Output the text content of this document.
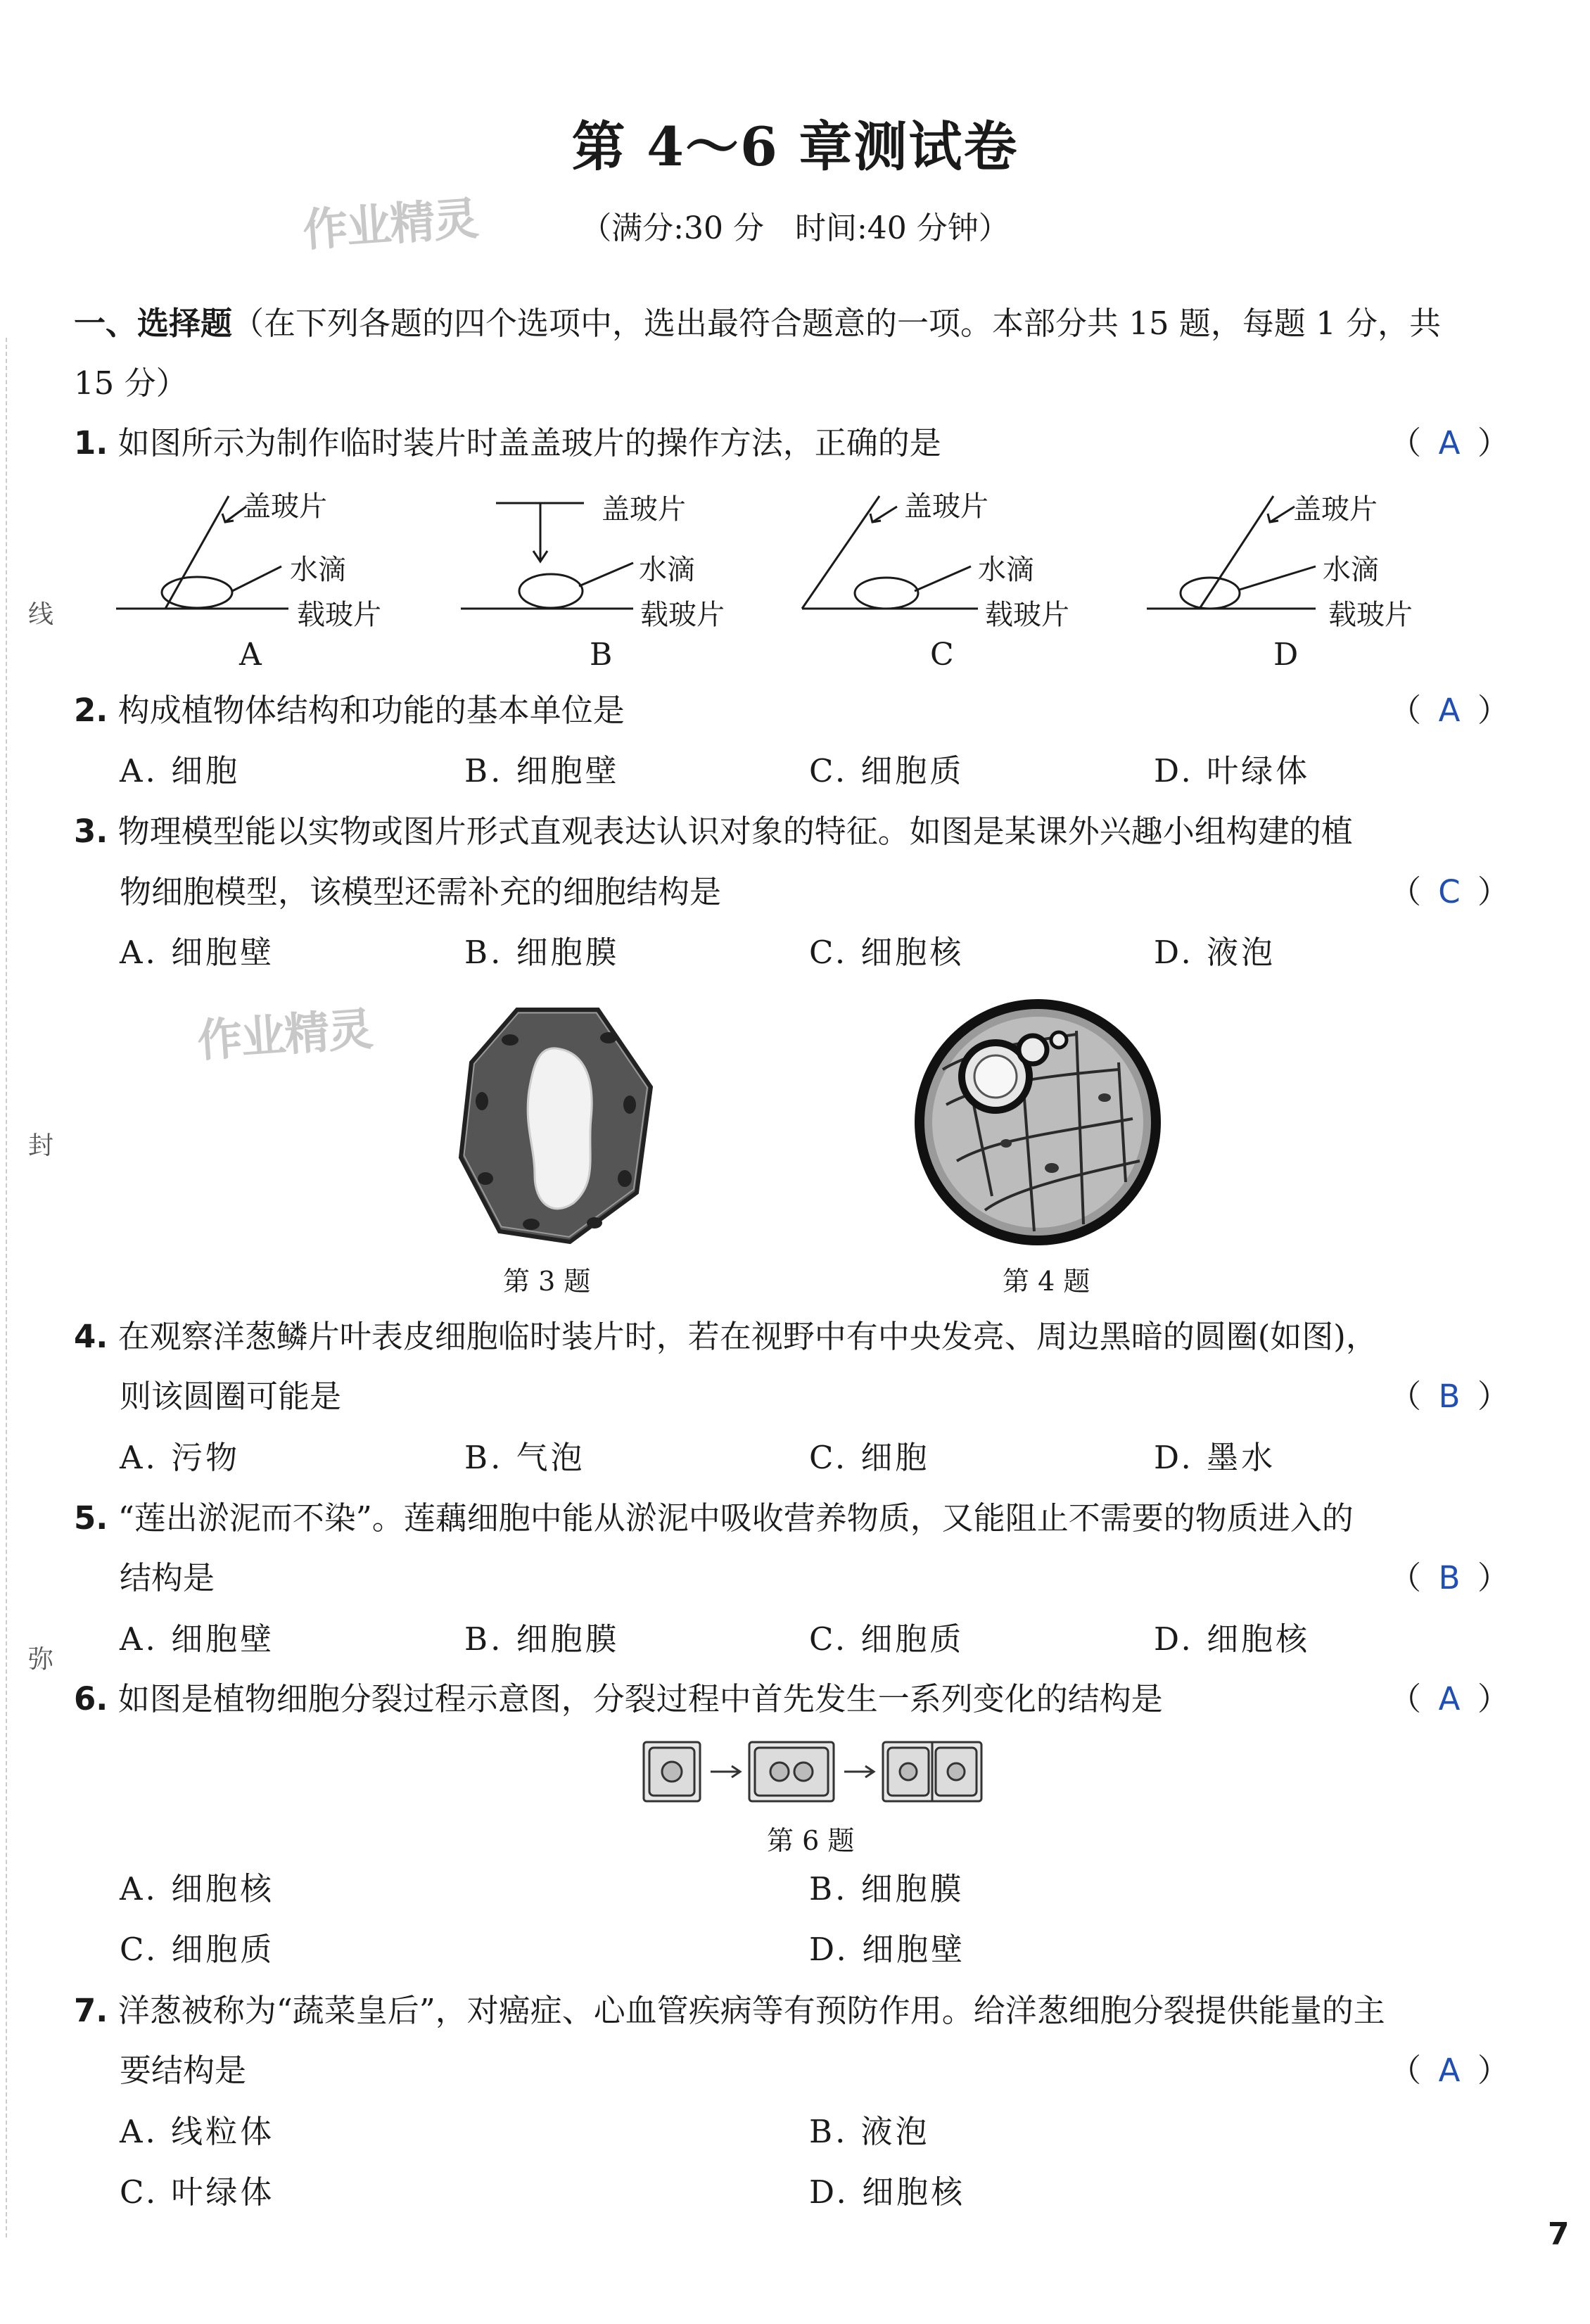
线
封
弥
作业精灵
作业精灵
第 4～6 章测试卷
（满分:30 分　时间:40 分钟）
一、选择题（在下列各题的四个选项中，选出最符合题意的一项。本部分共 15 题，每题 1 分，共
15 分）
1. 如图所示为制作临时装片时盖盖玻片的操作方法，正确的是	（ A ）
盖玻片
水滴
载玻片
A
盖玻片
水滴
载玻片
B
盖玻片
水滴
载玻片
C
盖玻片
水滴
载玻片
D
2. 构成植物体结构和功能的基本单位是	（ A ）
A. 细胞	B. 细胞壁	C. 细胞质	D. 叶绿体
3. 物理模型能以实物或图片形式直观表达认识对象的特征。如图是某课外兴趣小组构建的植
物细胞模型，该模型还需补充的细胞结构是	（ C ）
A. 细胞壁	B. 细胞膜	C. 细胞核	D. 液泡
第 3 题	第 4 题
4. 在观察洋葱鳞片叶表皮细胞临时装片时，若在视野中有中央发亮、周边黑暗的圆圈(如图)，
则该圆圈可能是	（ B ）
A. 污物	B. 气泡	C. 细胞	D. 墨水
5. “莲出淤泥而不染”。莲藕细胞中能从淤泥中吸收营养物质，又能阻止不需要的物质进入的
结构是	（ B ）
A. 细胞壁	B. 细胞膜	C. 细胞质	D. 细胞核
6. 如图是植物细胞分裂过程示意图，分裂过程中首先发生一系列变化的结构是	（ A ）
第 6 题
A. 细胞核	B. 细胞膜
C. 细胞质	D. 细胞壁
7. 洋葱被称为“蔬菜皇后”，对癌症、心血管疾病等有预防作用。给洋葱细胞分裂提供能量的主
要结构是	（ A ）
A. 线粒体	B. 液泡
C. 叶绿体	D. 细胞核
7
